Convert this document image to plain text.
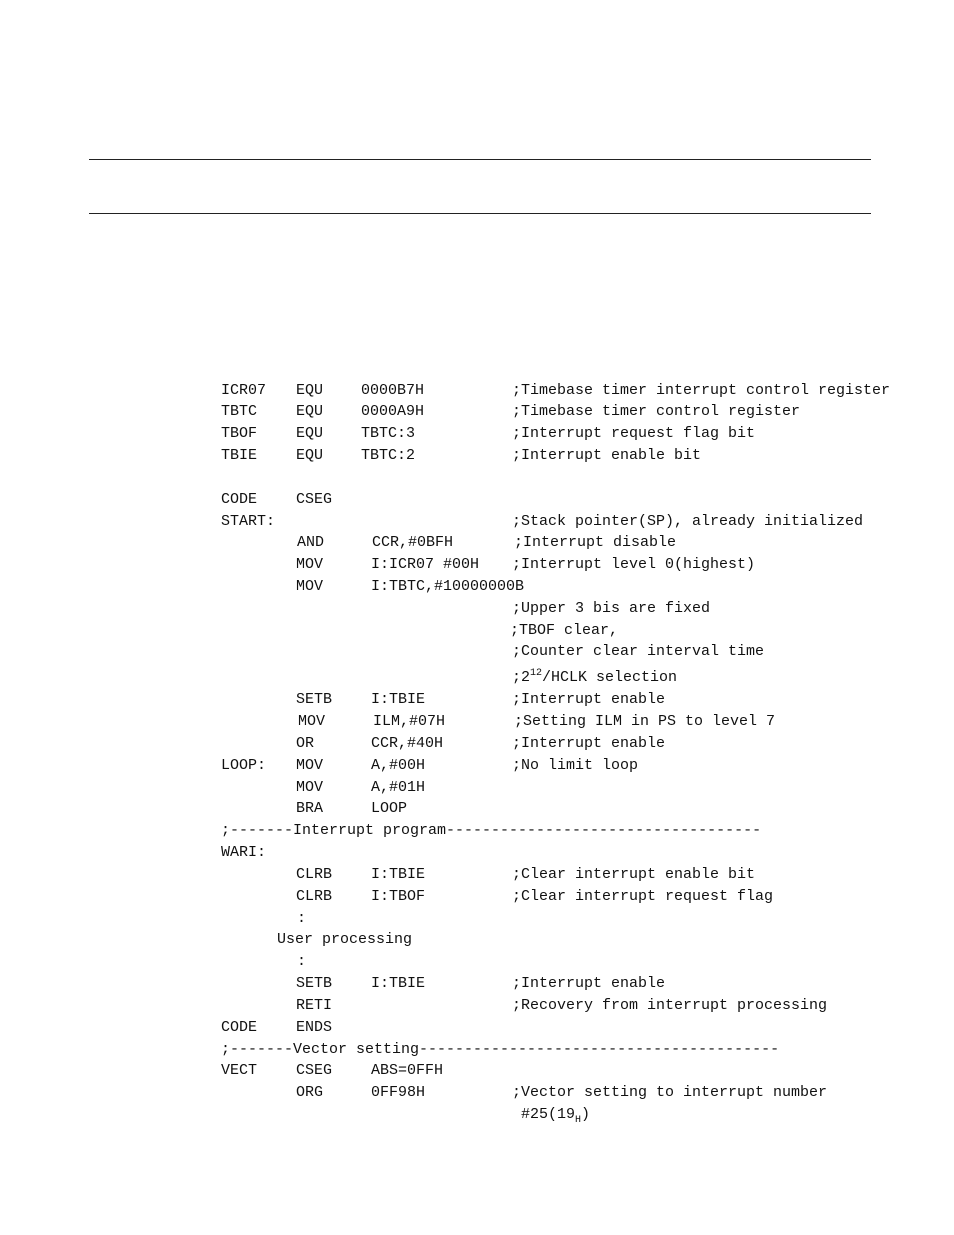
ICR07 EQU	0000B7H	;Timebase timer interrupt control register
TBTC	EQU	0000A9H	;Timebase timer control register
TBOF	EQU	TBTC:3	;Interrupt request flag bit
TBIE	EQU	TBTC:2	;Interrupt enable bit
CODE	CSEG
START:	;Stack pointer(SP), already initialized
AND	CCR,#0BFH	;Interrupt disable
MOV	I:ICR07 #00H ;Interrupt level 0(highest)
MOV	I:TBTC,#10000000B
;Upper 3 bis are fixed
;TBOF clear,
;Counter clear interval time
$;2^{12}$/HCLK selection
SETB	I:TBIE	;Interrupt enable
MOV	ILM,#07H	;Setting ILM in PS to level 7
OR	CCR,#40H	;Interrupt enable
LOOP: MOV	A,#00H	;No limit loop
MOV	A,#01H
BRA	LOOP
;-------Interrupt program-----------------------------------
WARI:
CLRB	I:TBIE	;Clear interrupt enable bit
CLRB	I:TBOF	;Clear interrupt request flag
:
User processing
:
SETB	I:TBIE	;Interrupt enable
RETI	;Recovery from interrupt processing
CODE	ENDS
;-------Vector setting----------------------------------------
VECT	CSEG	ABS=0FFH
ORG	0FF98H	;Vector setting to interrupt number
$\#25(19_H)$
